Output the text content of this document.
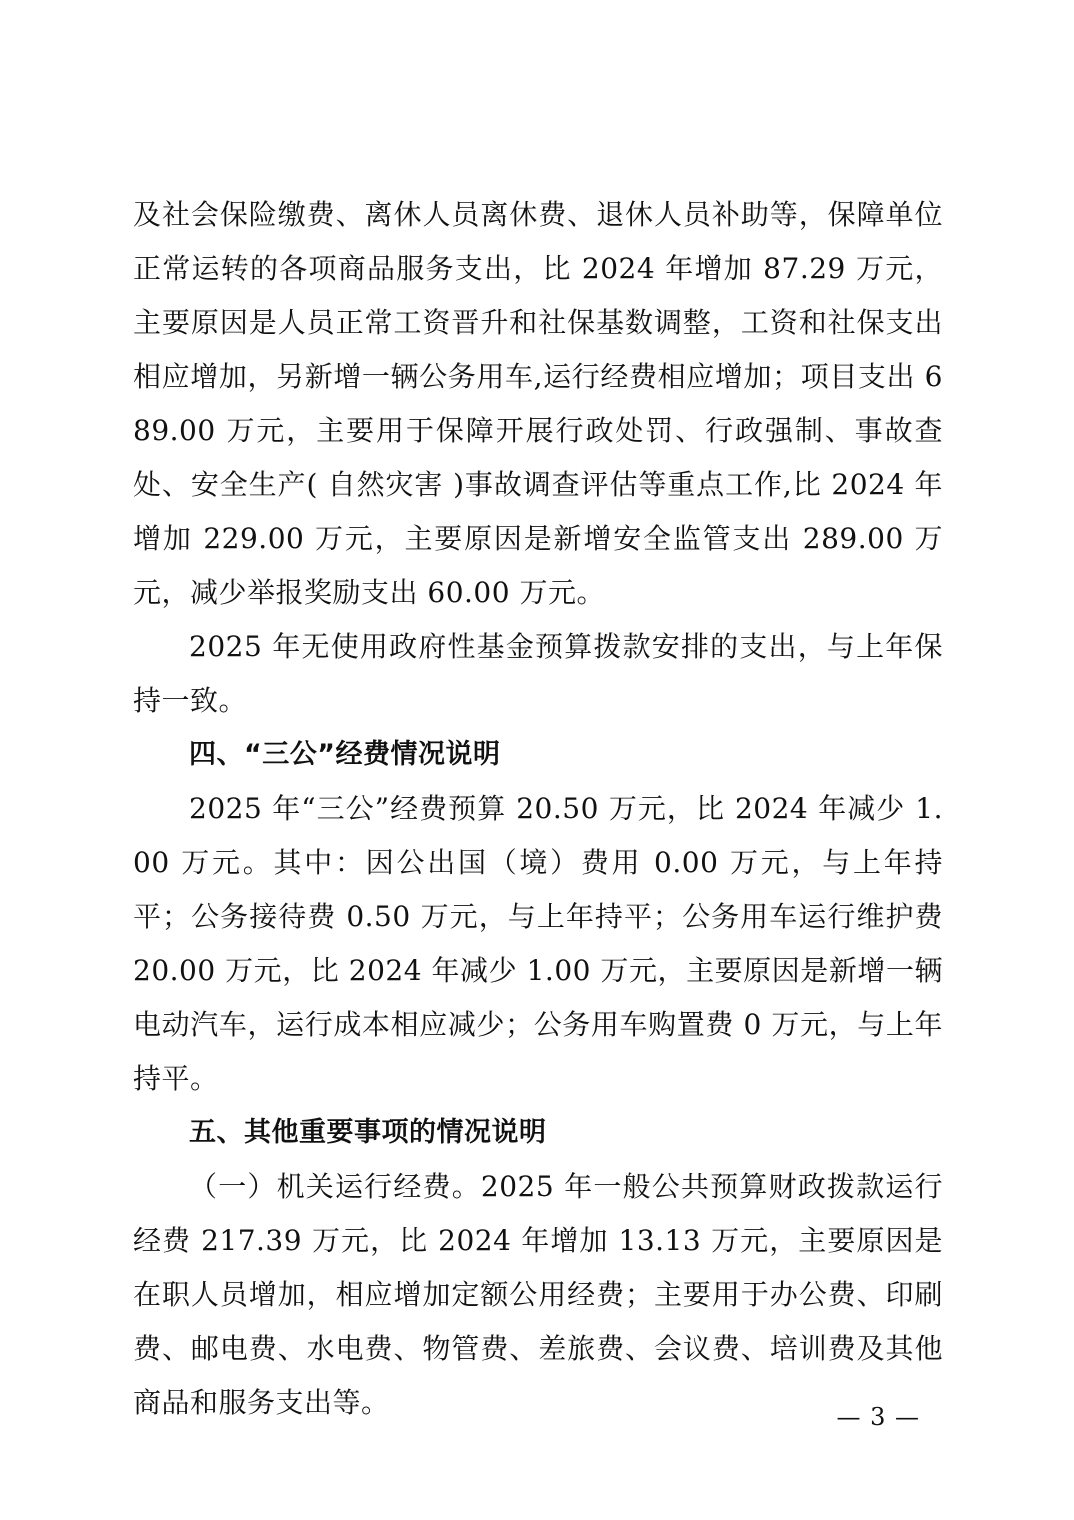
及社会保险缴费、离休人员离休费、退休人员补助等，保障单位正常运转的各项商品服务支出，比 2024 年增加 87.29 万元，主要原因是人员正常工资晋升和社保基数调整，工资和社保支出相应增加，另新增一辆公务用车,运行经费相应增加；项目支出 689.00 万元，主要用于保障开展行政处罚、行政强制、事故查处、安全生产( 自然灾害 )事故调查评估等重点工作,比 2024 年增加 229.00 万元，主要原因是新增安全监管支出 289.00 万元，减少举报奖励支出 60.00 万元。

2025 年无使用政府性基金预算拨款安排的支出，与上年保持一致。

四、“三公”经费情况说明

2025 年“三公”经费预算 20.50 万元，比 2024 年减少 1.00 万元。其中：因公出国（境）费用 0.00 万元，与上年持平；公务接待费 0.50 万元，与上年持平；公务用车运行维护费 20.00 万元，比 2024 年减少 1.00 万元，主要原因是新增一辆电动汽车，运行成本相应减少；公务用车购置费 0 万元，与上年持平。

五、其他重要事项的情况说明

（一）机关运行经费。2025 年一般公共预算财政拨款运行经费 217.39 万元，比 2024 年增加 13.13 万元，主要原因是在职人员增加，相应增加定额公用经费；主要用于办公费、印刷费、邮电费、水电费、物管费、差旅费、会议费、培训费及其他商品和服务支出等。	— 3 —
